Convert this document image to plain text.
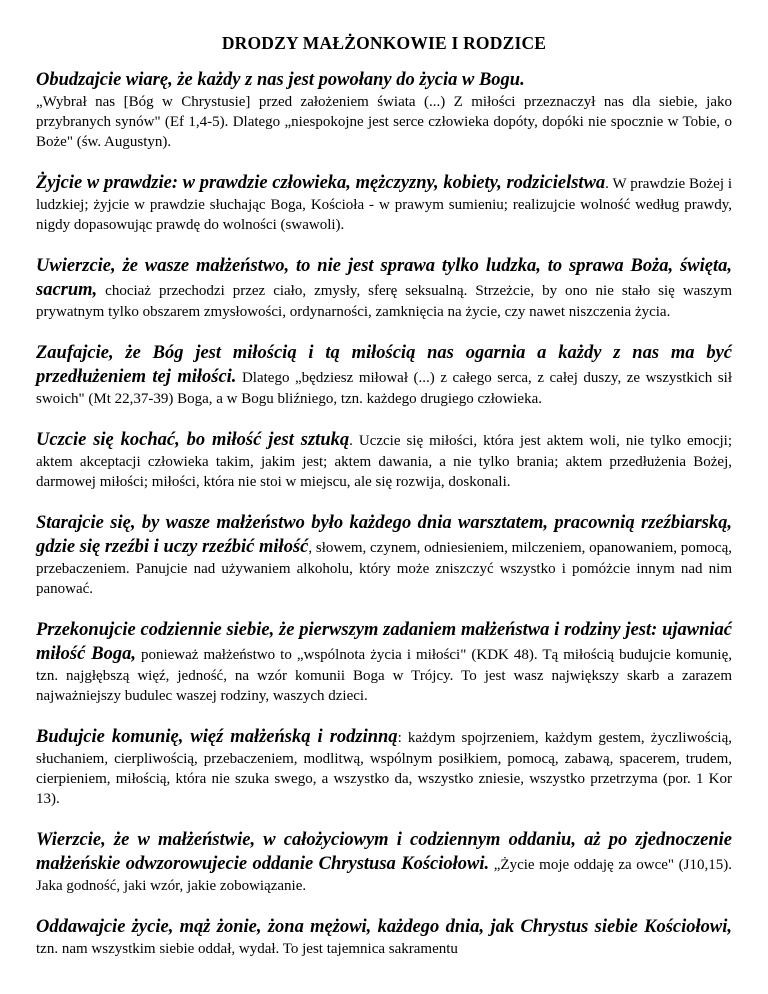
DRODZY MAŁŻONKOWIE I RODZICE

Obudzajcie wiarę, że każdy z nas jest powołany do życia w Bogu.
„Wybrał nas [Bóg w Chrystusie] przed założeniem świata (...) Z miłości przeznaczył nas dla siebie, jako przybranych synów" (Ef 1,4-5). Dlatego „niespokojne jest serce człowieka dopóty, dopóki nie spocznie w Tobie, o Boże" (św. Augustyn).

Żyjcie w prawdzie: w prawdzie człowieka, mężczyzny, kobiety, rodzicielstwa. W prawdzie Bożej i ludzkiej; żyjcie w prawdzie słuchając Boga, Kościoła - w prawym sumieniu; realizujcie wolność według prawdy, nigdy dopasowując prawdę do wolności (swawoli).

Uwierzcie, że wasze małżeństwo, to nie jest sprawa tylko ludzka, to sprawa Boża, święta, sacrum, chociaż przechodzi przez ciało, zmysły, sferę seksualną. Strzeżcie, by ono nie stało się waszym prywatnym tylko obszarem zmysłowości, ordynarności, zamknięcia na życie, czy nawet niszczenia życia.

Zaufajcie, że Bóg jest miłością i tą miłością nas ogarnia a każdy z nas ma być przedłużeniem tej miłości. Dlatego „będziesz miłował (...) z całego serca, z całej duszy, ze wszystkich sił swoich" (Mt 22,37-39) Boga, a w Bogu bliźniego, tzn. każdego drugiego człowieka.

Uczcie się kochać, bo miłość jest sztuką. Uczcie się miłości, która jest aktem woli, nie tylko emocji; aktem akceptacji człowieka takim, jakim jest; aktem dawania, a nie tylko brania; aktem przedłużenia Bożej, darmowej miłości; miłości, która nie stoi w miejscu, ale się rozwija, doskonali.

Starajcie się, by wasze małżeństwo było każdego dnia warsztatem, pracownią rzeźbiarską, gdzie się rzeźbi i uczy rzeźbić miłość, słowem, czynem, odniesieniem, milczeniem, opanowaniem, pomocą, przebaczeniem. Panujcie nad używaniem alkoholu, który może zniszczyć wszystko i pomóżcie innym nad nim panować.

Przekonujcie codziennie siebie, że pierwszym zadaniem małżeństwa i rodziny jest: ujawniać miłość Boga, ponieważ małżeństwo to „wspólnota życia i miłości" (KDK 48). Tą miłością budujcie komunię, tzn. najgłębszą więź, jedność, na wzór komunii Boga w Trójcy. To jest wasz największy skarb a zarazem najważniejszy budulec waszej rodziny, waszych dzieci.

Budujcie komunię, więź małżeńską i rodzinną: każdym spojrzeniem, każdym gestem, życzliwością, słuchaniem, cierpliwością, przebaczeniem, modlitwą, wspólnym posiłkiem, pomocą, zabawą, spacerem, trudem, cierpieniem, miłością, która nie szuka swego, a wszystko da, wszystko zniesie, wszystko przetrzyma (por. 1 Kor 13).

Wierzcie, że w małżeństwie, w całożyciowym i codziennym oddaniu, aż po zjednoczenie małżeńskie odwzorowujecie oddanie Chrystusa Kościołowi. „Życie moje oddaję za owce" (J10,15). Jaka godność, jaki wzór, jakie zobowiązanie.

Oddawajcie życie, mąż żonie, żona mężowi, każdego dnia, jak Chrystus siebie Kościołowi, tzn. nam wszystkim siebie oddał, wydał. To jest tajemnica sakramentu
